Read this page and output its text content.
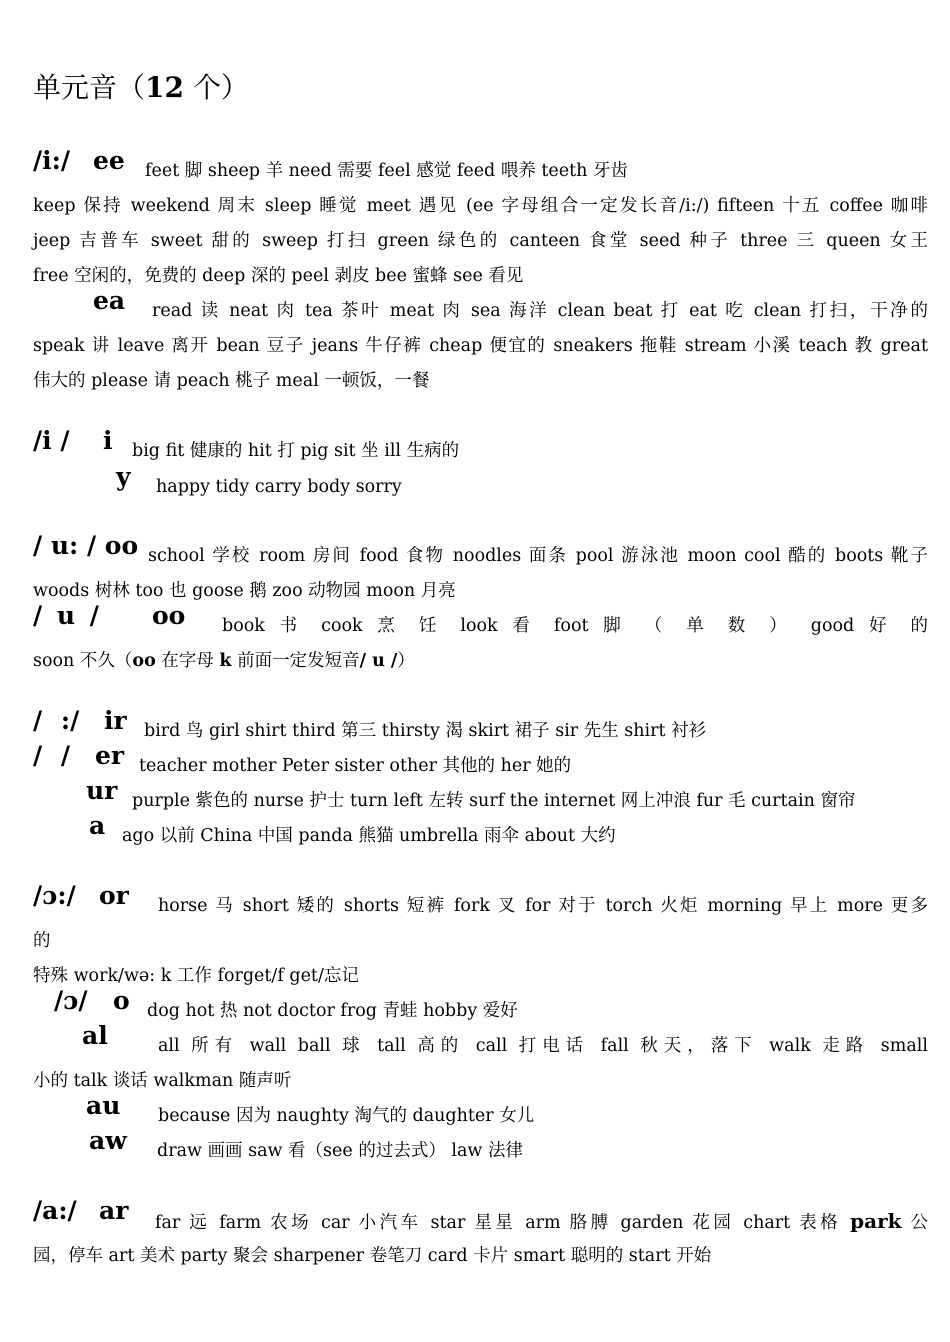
单元音（12 个）
/i:/ ee feet 脚 sheep 羊 need 需要 feel 感觉 feed 喂养 teeth 牙齿
keep 保持 weekend 周末 sleep 睡觉 meet 遇见 (ee 字母组合一定发长音/i:/) fifteen 十五 coffee 咖啡
jeep 吉普车 sweet 甜的 sweep 打扫 green 绿色的 canteen 食堂 seed 种子 three 三 queen 女王
free 空闲的，免费的 deep 深的 peel 剥皮 bee 蜜蜂 see 看见
ea read 读 neat 肉 tea 茶叶 meat 肉 sea 海洋 clean beat 打 eat 吃 clean 打扫，干净的
speak 讲 leave 离开 bean 豆子 jeans 牛仔裤 cheap 便宜的 sneakers 拖鞋 stream 小溪 teach 教 great
伟大的 please 请 peach 桃子 meal 一顿饭，一餐
/i / i big fit 健康的 hit 打 pig sit 坐 ill 生病的
y happy tidy carry body sorry
/ u: / oo school 学校 room 房间 food 食物 noodles 面条 pool 游泳池 moon cool 酷的 boots 靴子
woods 树林 too 也 goose 鹅 zoo 动物园 moon 月亮
/ u / oo book 书 cook 烹 饪 look 看 foot 脚 （ 单 数 ） good 好 的
soon 不久（oo 在字母 k 前面一定发短音/ u /）
/ :/ ir bird 鸟 girl shirt third 第三 thirsty 渴 skirt 裙子 sir 先生 shirt 衬衫
/ / er teacher mother Peter sister other 其他的 her 她的
ur purple 紫色的 nurse 护士 turn left 左转 surf the internet 网上冲浪 fur 毛 curtain 窗帘
a ago 以前 China 中国 panda 熊猫 umbrella 雨伞 about 大约
/ɔ:/ or horse 马 short 矮的 shorts 短裤 fork 叉 for 对于 torch 火炬 morning 早上 more 更多
的
特殊 work/wə: k 工作 forget/f get/忘记
/ɔ/ o dog hot 热 not doctor frog 青蛙 hobby 爱好
al	all 所有 wall ball 球 tall 高的 call 打电话 fall 秋天，落下 walk 走路 small
小的 talk 谈话 walkman 随声听
au because 因为 naughty 淘气的 daughter 女儿
aw draw 画画 saw 看（see 的过去式） law 法律
/a:/ ar far 远 farm 农场 car 小汽车 star 星星 arm 胳膊 garden 花园 chart 表格 park 公
园，停车 art 美术 party 聚会 sharpener 卷笔刀 card 卡片 smart 聪明的 start 开始
